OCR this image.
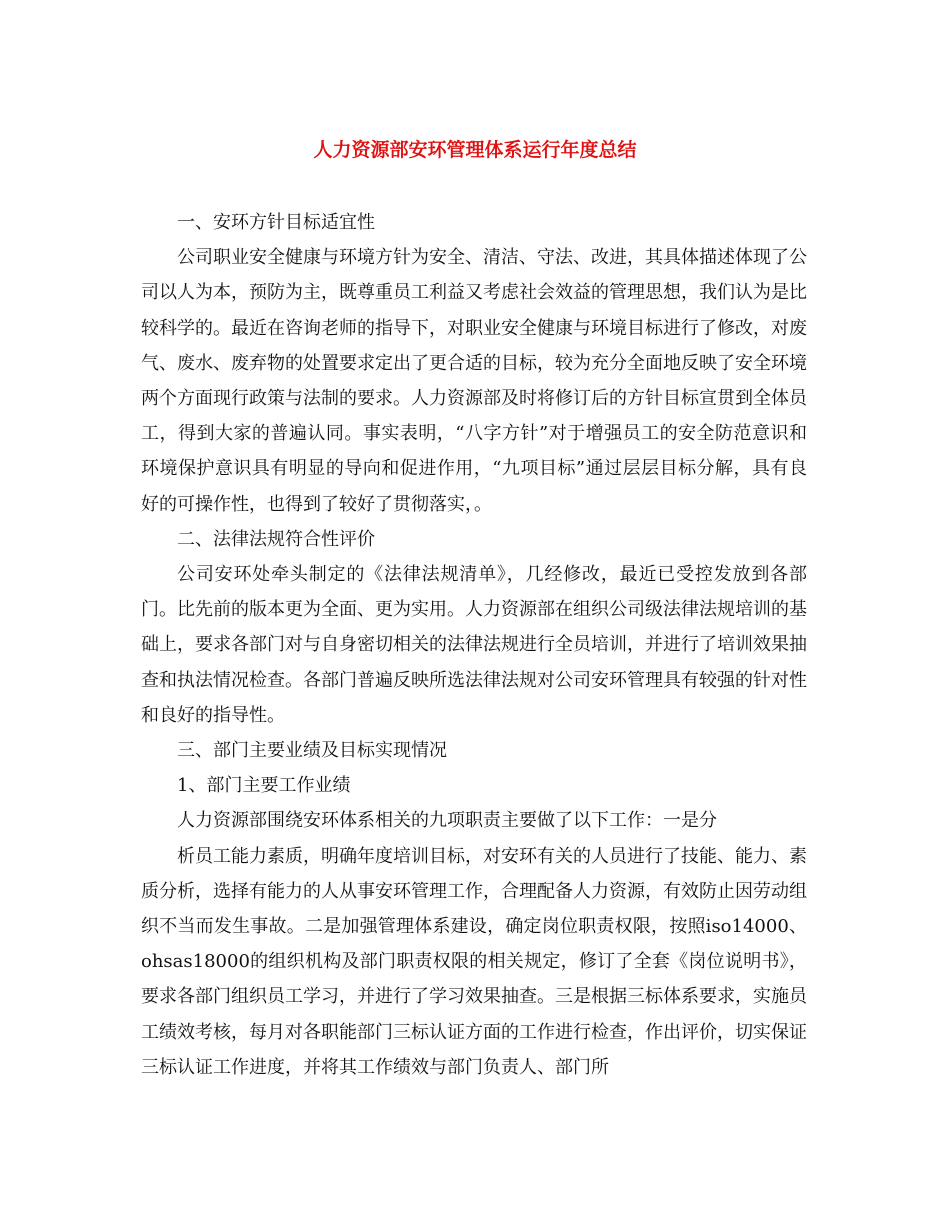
人力资源部安环管理体系运行年度总结

一、安环方针目标适宜性

公司职业安全健康与环境方针为安全、清洁、守法、改进，其具体描述体现了公司以人为本，预防为主，既尊重员工利益又考虑社会效益的管理思想，我们认为是比较科学的。最近在咨询老师的指导下，对职业安全健康与环境目标进行了修改，对废气、废水、废弃物的处置要求定出了更合适的目标，较为充分全面地反映了安全环境两个方面现行政策与法制的要求。人力资源部及时将修订后的方针目标宣贯到全体员工，得到大家的普遍认同。事实表明，“八字方针”对于增强员工的安全防范意识和环境保护意识具有明显的导向和促进作用，“九项目标”通过层层目标分解，具有良好的可操作性，也得到了较好了贯彻落实，。

二、法律法规符合性评价

公司安环处牵头制定的《法律法规清单》，几经修改，最近已受控发放到各部门。比先前的版本更为全面、更为实用。人力资源部在组织公司级法律法规培训的基础上，要求各部门对与自身密切相关的法律法规进行全员培训，并进行了培训效果抽查和执法情况检查。各部门普遍反映所选法律法规对公司安环管理具有较强的针对性和良好的指导性。

三、部门主要业绩及目标实现情况

1、部门主要工作业绩

人力资源部围绕安环体系相关的九项职责主要做了以下工作：一是分

析员工能力素质，明确年度培训目标，对安环有关的人员进行了技能、能力、素质分析，选择有能力的人从事安环管理工作，合理配备人力资源，有效防止因劳动组织不当而发生事故。二是加强管理体系建设，确定岗位职责权限，按照iso14000、ohsas18000的组织机构及部门职责权限的相关规定，修订了全套《岗位说明书》，要求各部门组织员工学习，并进行了学习效果抽查。三是根据三标体系要求，实施员工绩效考核，每月对各职能部门三标认证方面的工作进行检查，作出评价，切实保证三标认证工作进度，并将其工作绩效与部门负责人、部门所
